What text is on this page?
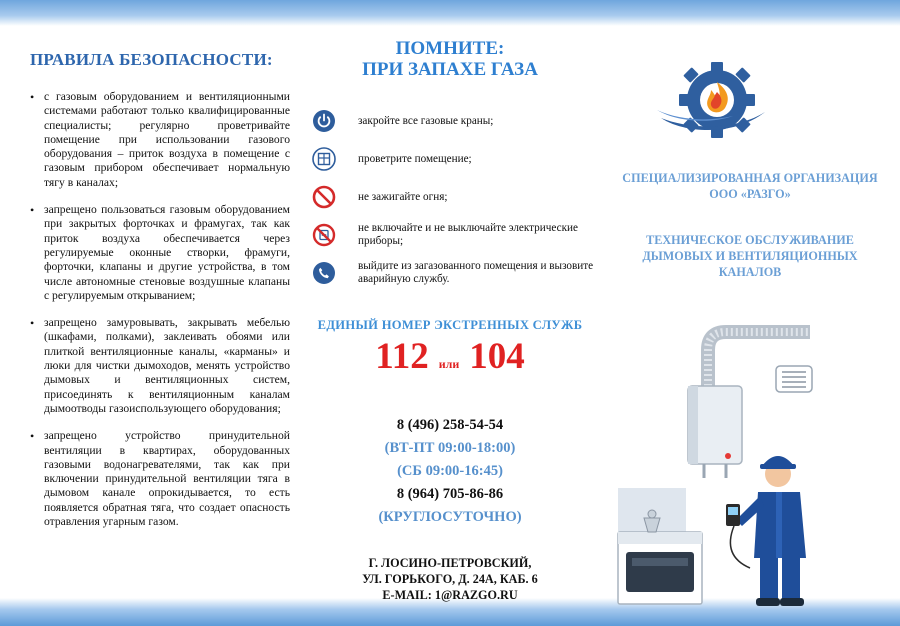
ПРАВИЛА БЕЗОПАСНОСТИ:
• с газовым оборудованием и вентиляционными системами работают только квалифицированные специалисты; регулярно проветривайте помещение при использовании газового оборудования – приток воздуха в помещение с газовым прибором обеспечивает нормальную тягу в каналах;
• запрещено пользоваться газовым оборудованием при закрытых форточках и фрамугах, так как приток воздуха обеспечивается через регулируемые оконные створки, фрамуги, форточки, клапаны и другие устройства, в том числе автономные стеновые воздушные клапаны с регулируемым открыванием;
• запрещено замуровывать, закрывать мебелью (шкафами, полками), заклеивать обоями или плиткой вентиляционные каналы, «карманы» и люки для чистки дымоходов, менять устройство дымовых и вентиляционных систем, присоединять к вентиляционным каналам дымоотводы газоиспользующего оборудования;
• запрещено устройство принудительной вентиляции в квартирах, оборудованных газовыми водонагревателями, так как при включении принудительной вентиляции тяга в дымовом канале опрокидывается, то есть появляется обратная тяга, что создает опасность отравления угарным газом.
ПОМНИТЕ:
ПРИ ЗАПАХЕ ГАЗА
закройте все газовые краны;
проветрите помещение;
не зажигайте огня;
не включайте и не выключайте электрические приборы;
выйдите из загазованного помещения и вызовите аварийную службу.
ЕДИНЫЙ НОМЕР ЭКСТРЕННЫХ СЛУЖБ
112 или 104
8 (496) 258-54-54
(ВТ-ПТ 09:00-18:00)
(СБ 09:00-16:45)
8 (964) 705-86-86
(КРУГЛОСУТОЧНО)
Г. ЛОСИНО-ПЕТРОВСКИЙ,
УЛ. ГОРЬКОГО, Д. 24А, КАБ. 6
E-MAIL: 1@RAZGO.RU
СПЕЦИАЛИЗИРОВАННАЯ ОРГАНИЗАЦИЯ
ООО «РАЗГО»
ТЕХНИЧЕСКОЕ ОБСЛУЖИВАНИЕ
ДЫМОВЫХ И ВЕНТИЛЯЦИОННЫХ
КАНАЛОВ
